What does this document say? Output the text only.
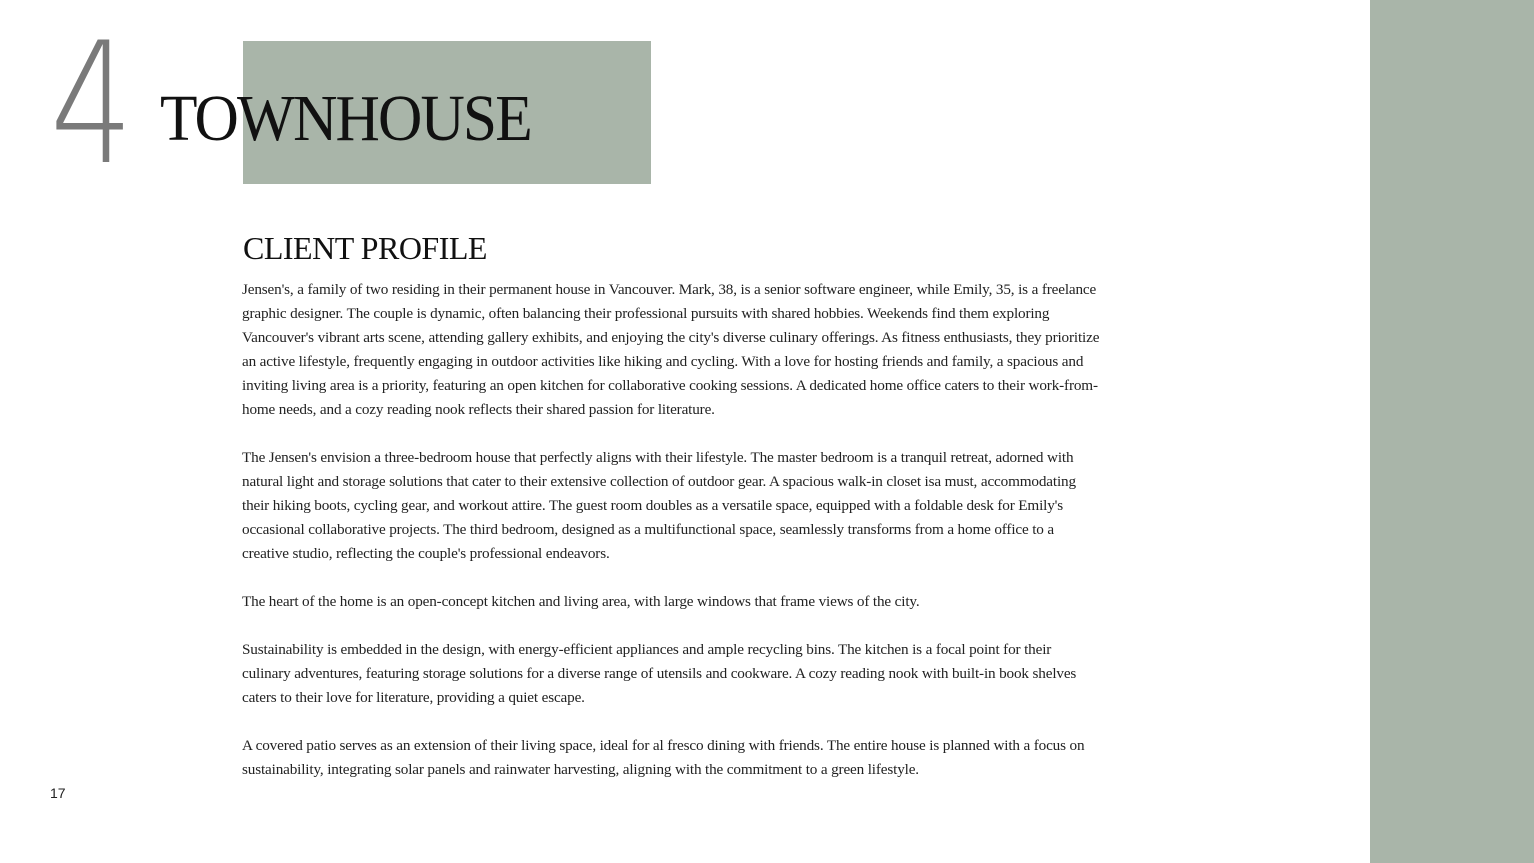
4 TOWNHOUSE
CLIENT PROFILE

Jensen's, a family of two residing in their permanent house in Vancouver. Mark, 38, is a senior software engineer, while Emily, 35, is a freelance graphic designer. The couple is dynamic, often balancing their professional pursuits with shared hobbies. Weekends find them exploring Vancouver's vibrant arts scene, attending gallery exhibits, and enjoying the city's diverse culinary offerings. As fitness enthusiasts, they prioritize an active lifestyle, frequently engaging in outdoor activities like hiking and cycling. With a love for hosting friends and family, a spacious and inviting living area is a priority, featuring an open kitchen for collaborative cooking sessions. A dedicated home office caters to their work-from-home needs, and a cozy reading nook reflects their shared passion for literature.

The Jensen's envision a three-bedroom house that perfectly aligns with their lifestyle. The master bedroom is a tranquil retreat, adorned with natural light and storage solutions that cater to their extensive collection of outdoor gear. A spacious walk-in closet isa must, accommodating their hiking boots, cycling gear, and workout attire. The guest room doubles as a versatile space, equipped with a foldable desk for Emily's occasional collaborative projects. The third bedroom, designed as a multifunctional space, seamlessly transforms from a home office to a creative studio, reflecting the couple's professional endeavors.

The heart of the home is an open-concept kitchen and living area, with large windows that frame views of the city.

Sustainability is embedded in the design, with energy-efficient appliances and ample recycling bins. The kitchen is a focal point for their culinary adventures, featuring storage solutions for a diverse range of utensils and cookware. A cozy reading nook with built-in book shelves caters to their love for literature, providing a quiet escape.

A covered patio serves as an extension of their living space, ideal for al fresco dining with friends. The entire house is planned with a focus on sustainability, integrating solar panels and rainwater harvesting, aligning with the commitment to a green lifestyle.

17
